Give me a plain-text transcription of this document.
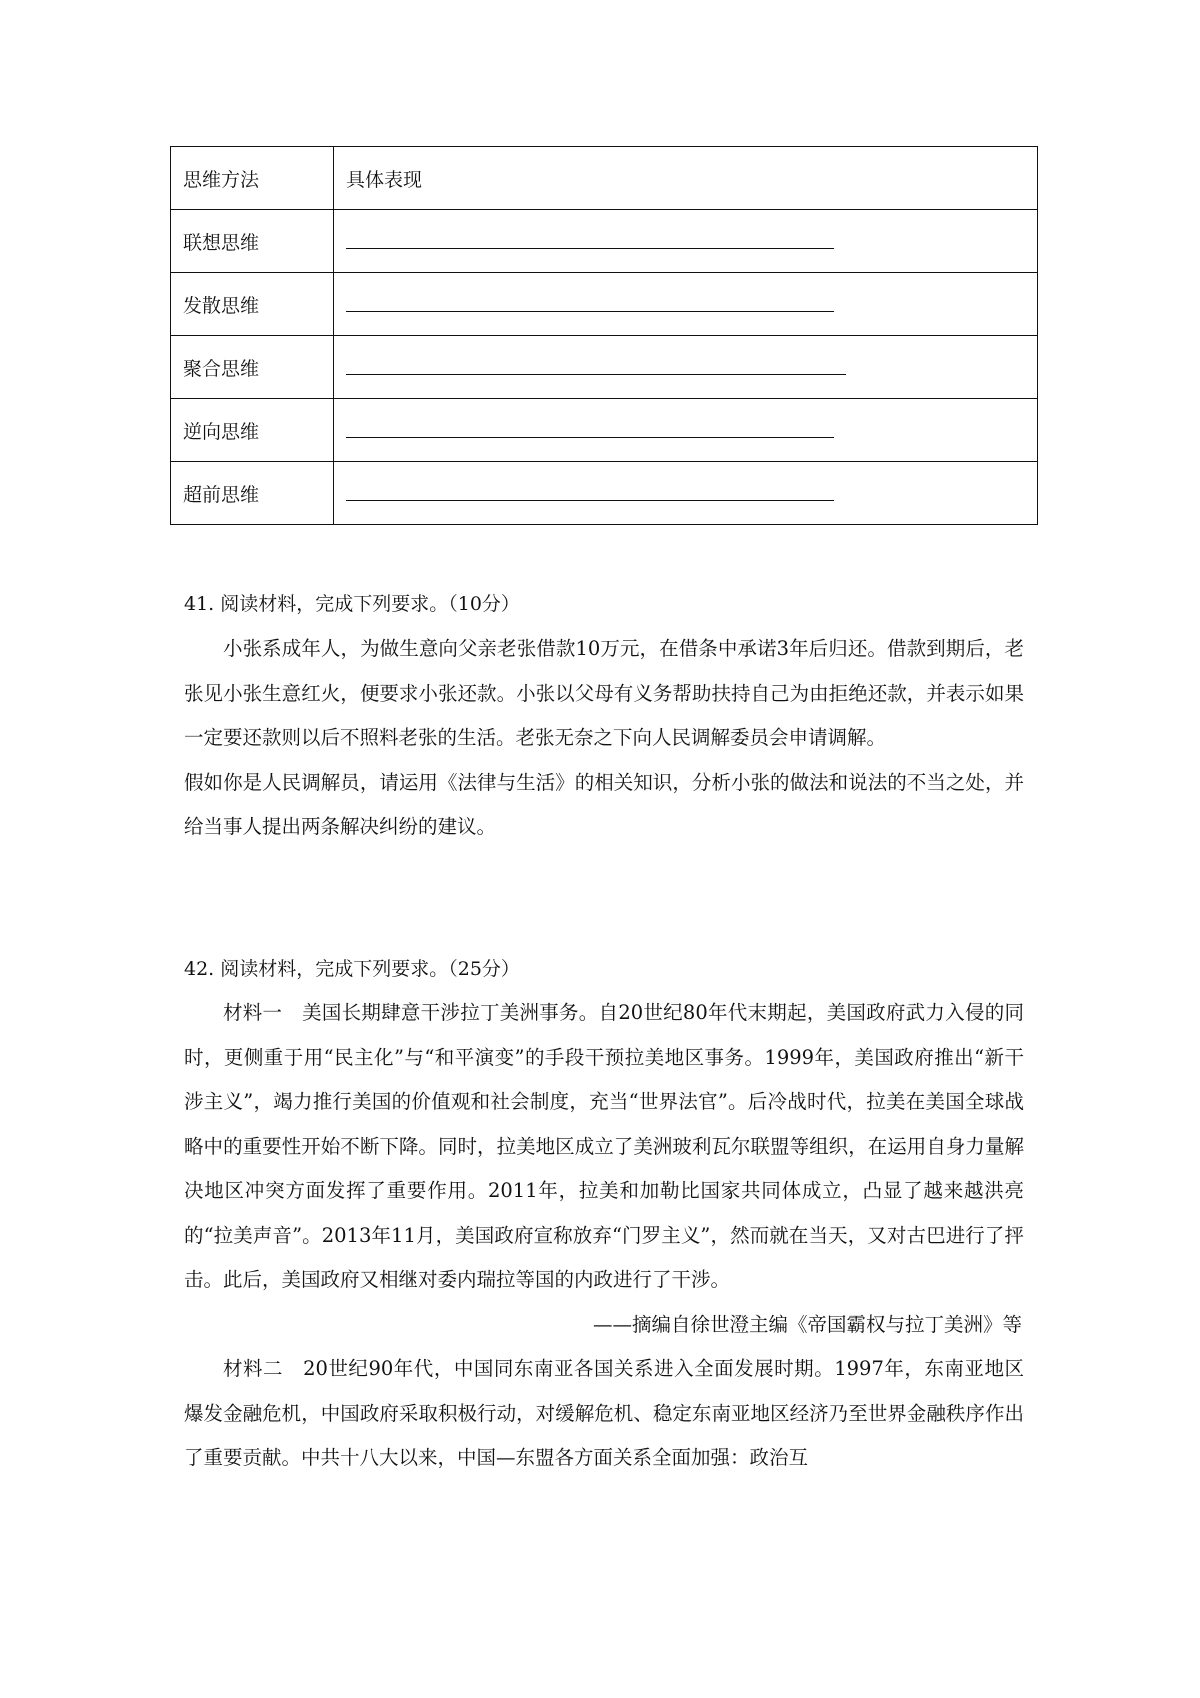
思维方法	具体表现
联想思维	
发散思维	
聚合思维	
逆向思维	
超前思维	
41. 阅读材料，完成下列要求。（10分）

小张系成年人，为做生意向父亲老张借款10万元，在借条中承诺3年后归还。借款到期后，老张见小张生意红火，便要求小张还款。小张以父母有义务帮助扶持自己为由拒绝还款，并表示如果一定要还款则以后不照料老张的生活。老张无奈之下向人民调解委员会申请调解。

假如你是人民调解员，请运用《法律与生活》的相关知识，分析小张的做法和说法的不当之处，并给当事人提出两条解决纠纷的建议。

42. 阅读材料，完成下列要求。（25分）

材料一　美国长期肆意干涉拉丁美洲事务。自20世纪80年代末期起，美国政府武力入侵的同时，更侧重于用“民主化”与“和平演变”的手段干预拉美地区事务。1999年，美国政府推出“新干涉主义”，竭力推行美国的价值观和社会制度，充当“世界法官”。后冷战时代，拉美在美国全球战略中的重要性开始不断下降。同时，拉美地区成立了美洲玻利瓦尔联盟等组织，在运用自身力量解决地区冲突方面发挥了重要作用。2011年，拉美和加勒比国家共同体成立，凸显了越来越洪亮的“拉美声音”。2013年11月，美国政府宣称放弃“门罗主义”，然而就在当天，又对古巴进行了抨击。此后，美国政府又相继对委内瑞拉等国的内政进行了干涉。

——摘编自徐世澄主编《帝国霸权与拉丁美洲》等

材料二　20世纪90年代，中国同东南亚各国关系进入全面发展时期。1997年，东南亚地区爆发金融危机，中国政府采取积极行动，对缓解危机、稳定东南亚地区经济乃至世界金融秩序作出了重要贡献。中共十八大以来，中国—东盟各方面关系全面加强：政治互
